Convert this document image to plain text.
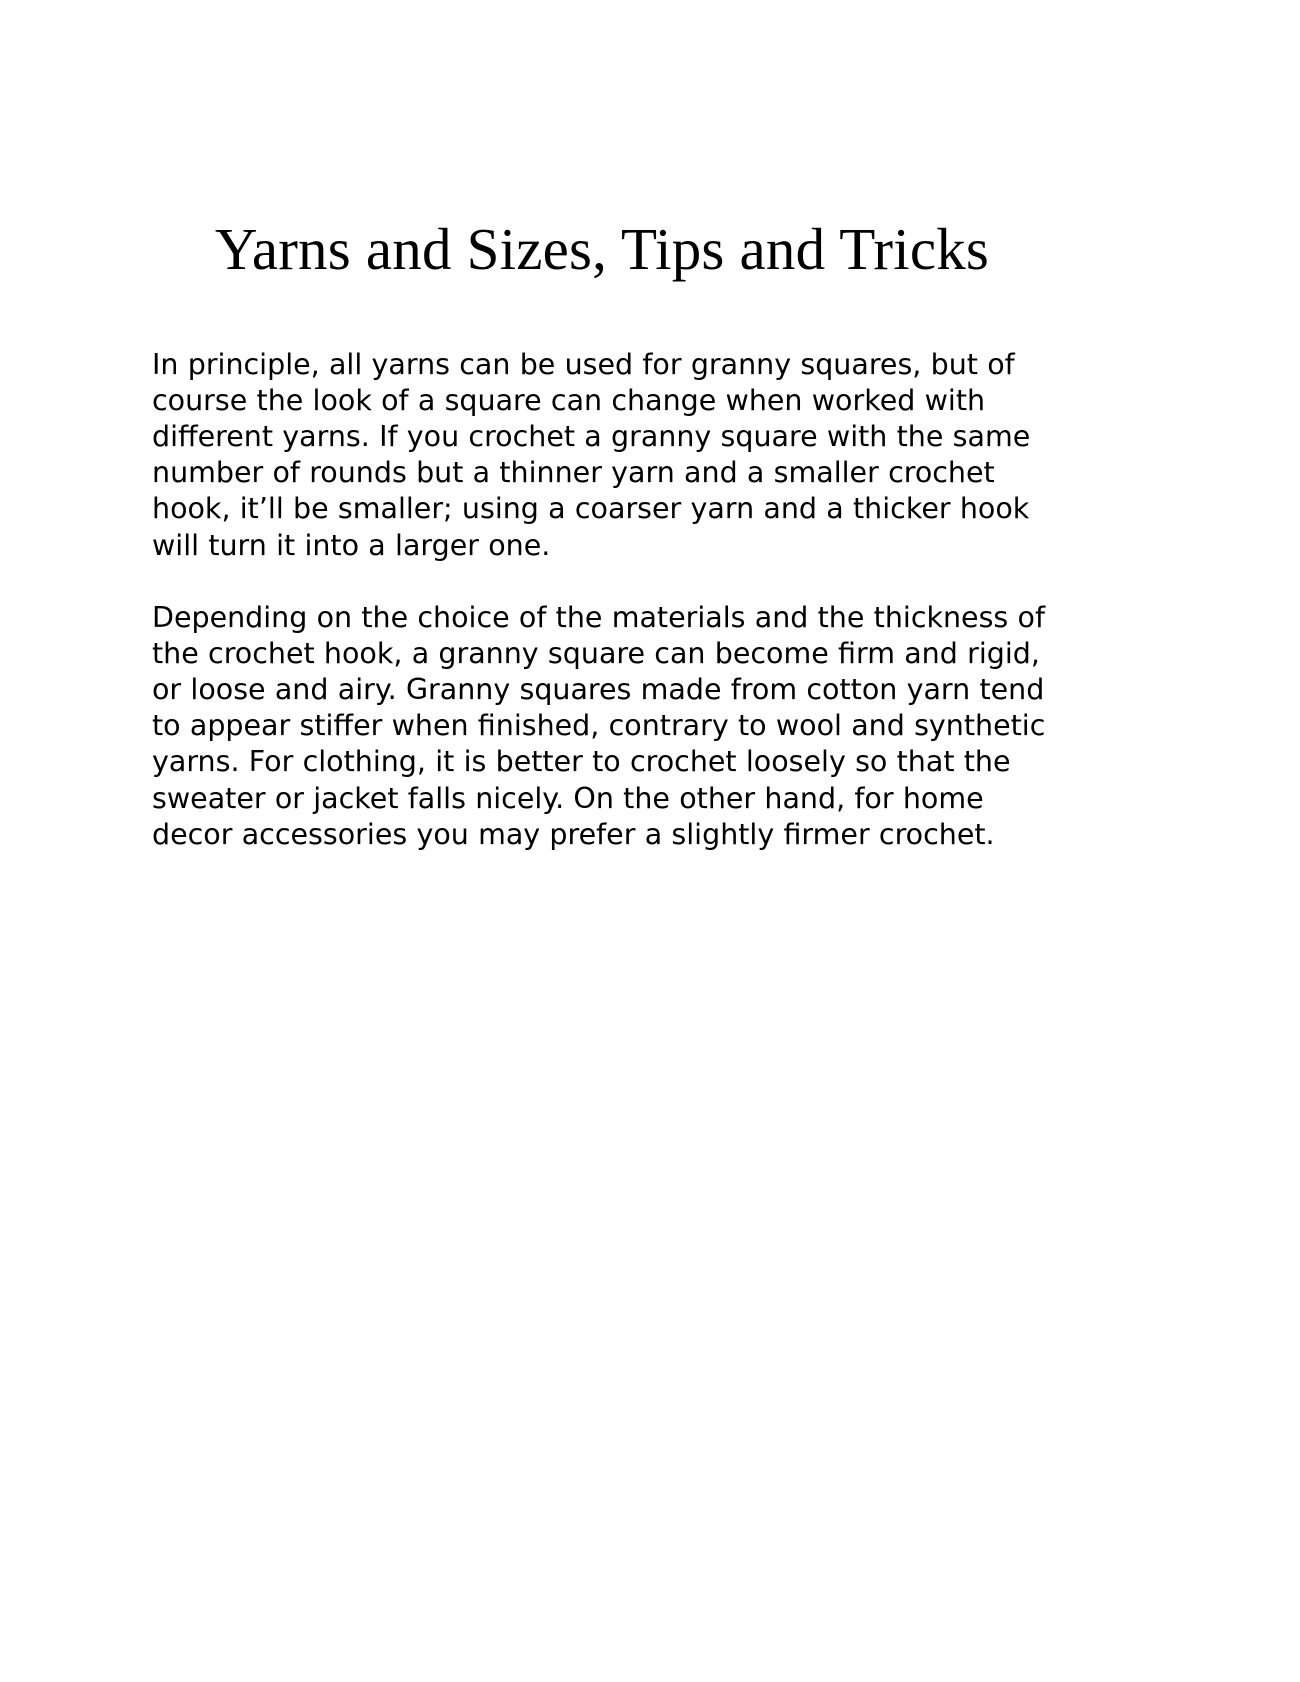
Yarns and Sizes, Tips and Tricks

In principle, all yarns can be used for granny squares, but of course the look of a square can change when worked with different yarns. If you crochet a granny square with the same number of rounds but a thinner yarn and a smaller crochet hook, it’ll be smaller; using a coarser yarn and a thicker hook will turn it into a larger one.

Depending on the choice of the materials and the thickness of the crochet hook, a granny square can become firm and rigid, or loose and airy. Granny squares made from cotton yarn tend to appear stiffer when finished, contrary to wool and synthetic yarns. For clothing, it is better to crochet loosely so that the sweater or jacket falls nicely. On the other hand, for home decor accessories you may prefer a slightly firmer crochet.
